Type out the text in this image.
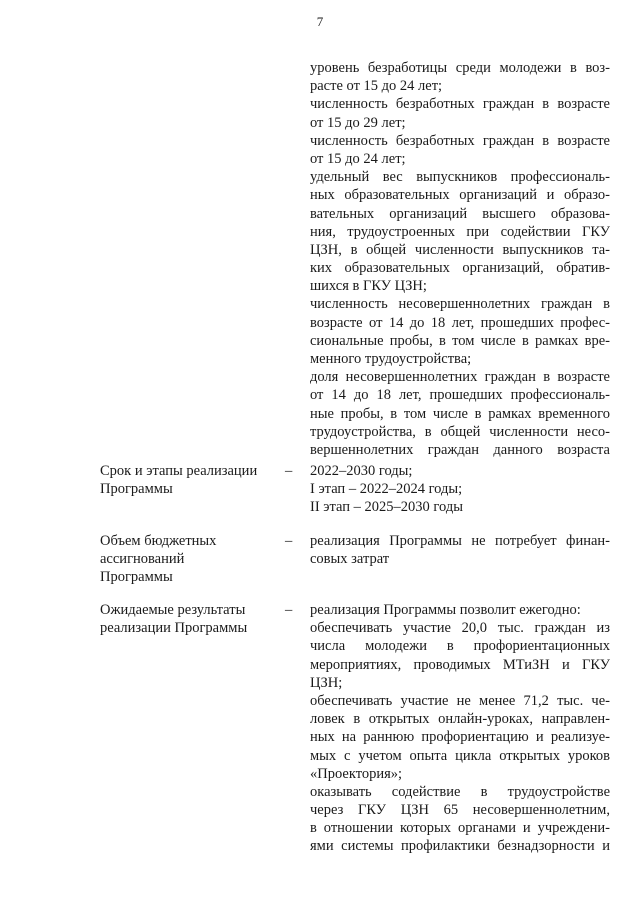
7
уровень безработицы среди молодежи в воз-
расте от 15 до 24 лет;
численность безработных граждан в возрасте
от 15 до 29 лет;
численность безработных граждан в возрасте
от 15 до 24 лет;
удельный вес выпускников профессиональ-
ных образовательных организаций и образо-
вательных организаций высшего образова-
ния, трудоустроенных при содействии ГКУ
ЦЗН, в общей численности выпускников та-
ких образовательных организаций, обратив-
шихся в ГКУ ЦЗН;
численность несовершеннолетних граждан в
возрасте от 14 до 18 лет, прошедших профес-
сиональные пробы, в том числе в рамках вре-
менного трудоустройства;
доля несовершеннолетних граждан в возрасте
от 14 до 18 лет, прошедших профессиональ-
ные пробы, в том числе в рамках временного
трудоустройства, в общей численности несо-
вершеннолетних граждан данного возраста
Срок и этапы реализации
Программы
– 2022–2030 годы;
I этап – 2022–2024 годы;
II этап – 2025–2030 годы
Объем бюджетных
ассигнований
Программы
– реализация Программы не потребует финан-
совых затрат
Ожидаемые результаты
реализации Программы
– реализация Программы позволит ежегодно:
обеспечивать участие 20,0 тыс. граждан из
числа молодежи в профориентационных
мероприятиях, проводимых МТиЗН и ГКУ
ЦЗН;
обеспечивать участие не менее 71,2 тыс. че-
ловек в открытых онлайн-уроках, направлен-
ных на раннюю профориентацию и реализуе-
мых с учетом опыта цикла открытых уроков
«Проектория»;
оказывать содействие в трудоустройстве
через ГКУ ЦЗН 65 несовершеннолетним,
в отношении которых органами и учреждени-
ями системы профилактики безнадзорности и
